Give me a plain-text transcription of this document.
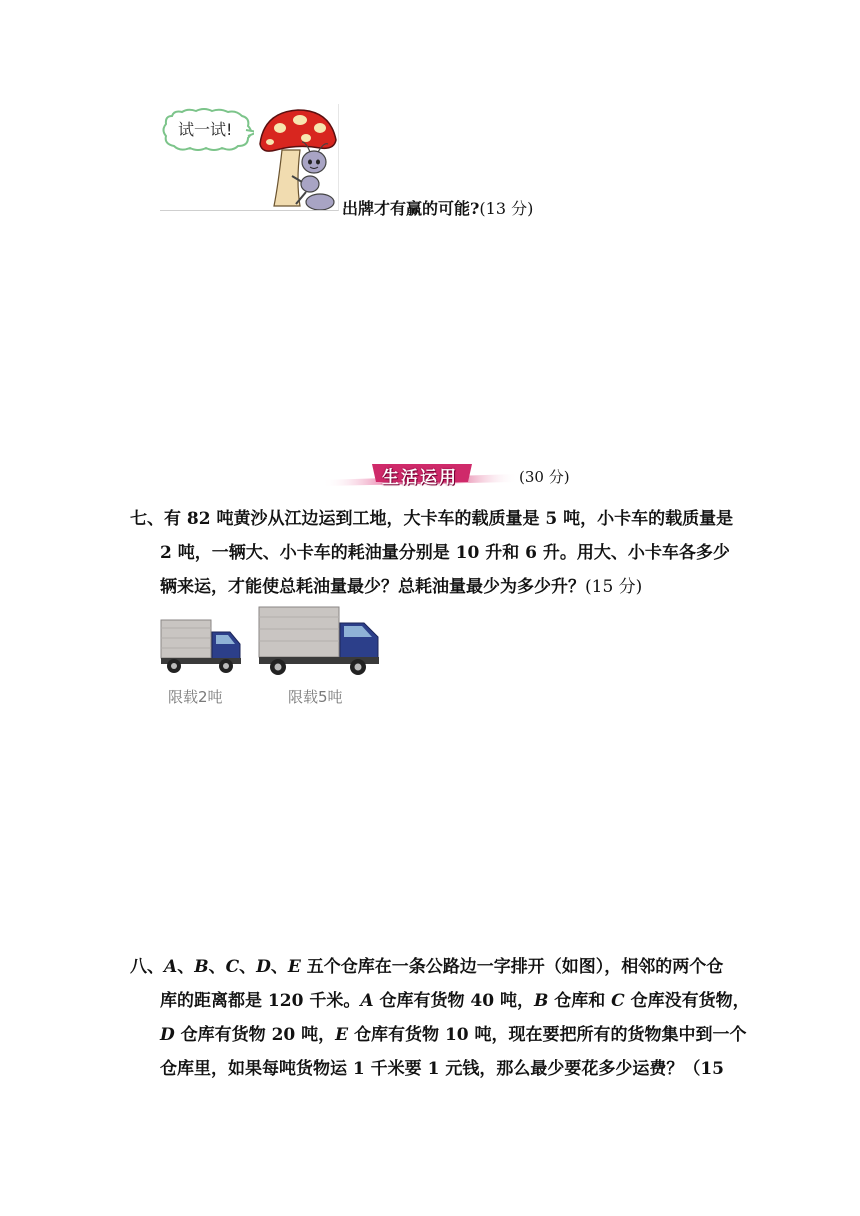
试一试!
出牌才有赢的可能?(13 分)
生活运用	(30 分)
七、有 82 吨黄沙从江边运到工地，大卡车的载质量是 5 吨，小卡车的载质量是
2 吨，一辆大、小卡车的耗油量分别是 10 升和 6 升。用大、小卡车各多少
辆来运，才能使总耗油量最少？总耗油量最少为多少升？(15 分)
限载2吨	限载5吨
八、A、B、C、D、E 五个仓库在一条公路边一字排开（如图），相邻的两个仓
库的距离都是 120 千米。A 仓库有货物 40 吨，B 仓库和 C 仓库没有货物，
D 仓库有货物 20 吨，E 仓库有货物 10 吨，现在要把所有的货物集中到一个
仓库里，如果每吨货物运 1 千米要 1 元钱，那么最少要花多少运费？（15
